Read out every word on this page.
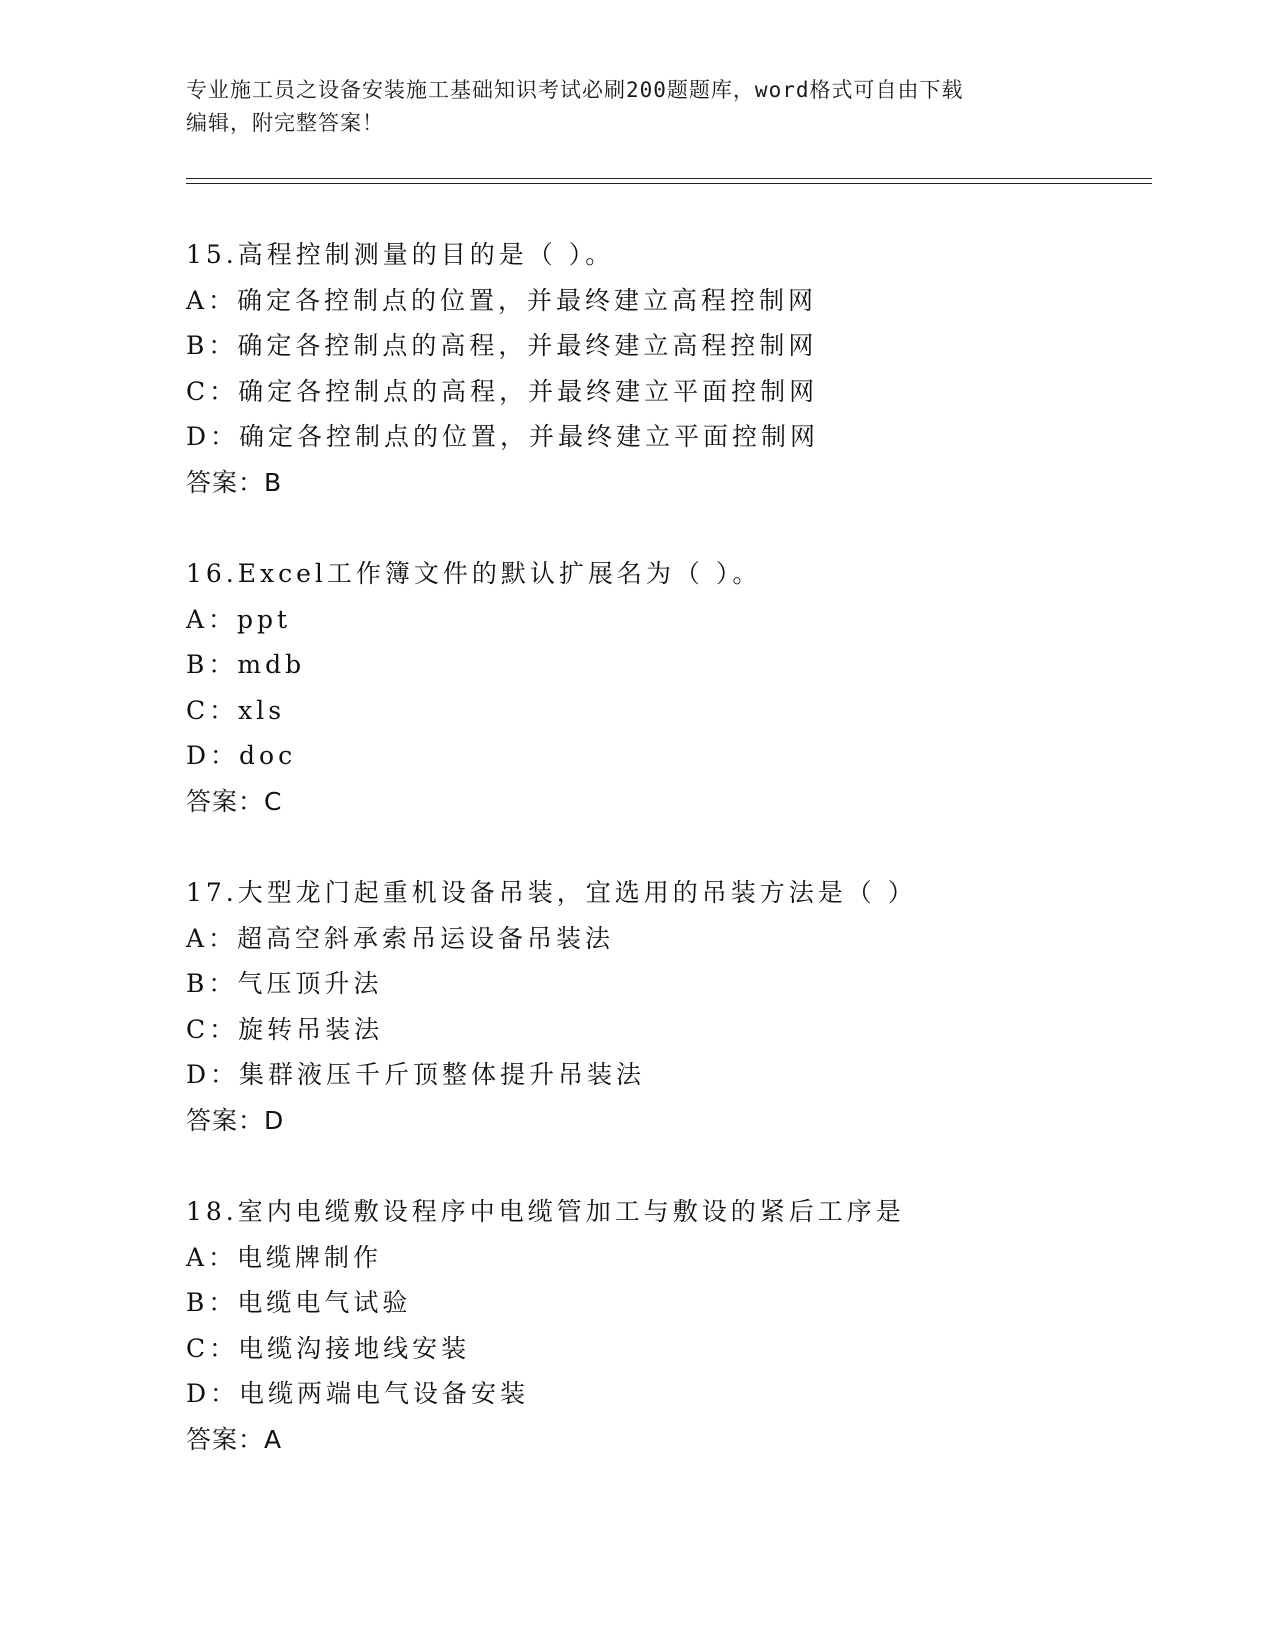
专业施工员之设备安装施工基础知识考试必刷200题题库，word格式可自由下载
编辑，附完整答案！
15.高程控制测量的目的是（ ）。
A：确定各控制点的位置，并最终建立高程控制网
B：确定各控制点的高程，并最终建立高程控制网
C：确定各控制点的高程，并最终建立平面控制网
D：确定各控制点的位置，并最终建立平面控制网
答案：B
16.Excel工作簿文件的默认扩展名为（ ）。
A：ppt
B：mdb
C：xls
D：doc
答案：C
17.大型龙门起重机设备吊装，宜选用的吊装方法是（ ）
A：超高空斜承索吊运设备吊装法
B：气压顶升法
C：旋转吊装法
D：集群液压千斤顶整体提升吊装法
答案：D
18.室内电缆敷设程序中电缆管加工与敷设的紧后工序是
A：电缆牌制作
B：电缆电气试验
C：电缆沟接地线安装
D：电缆两端电气设备安装
答案：A
